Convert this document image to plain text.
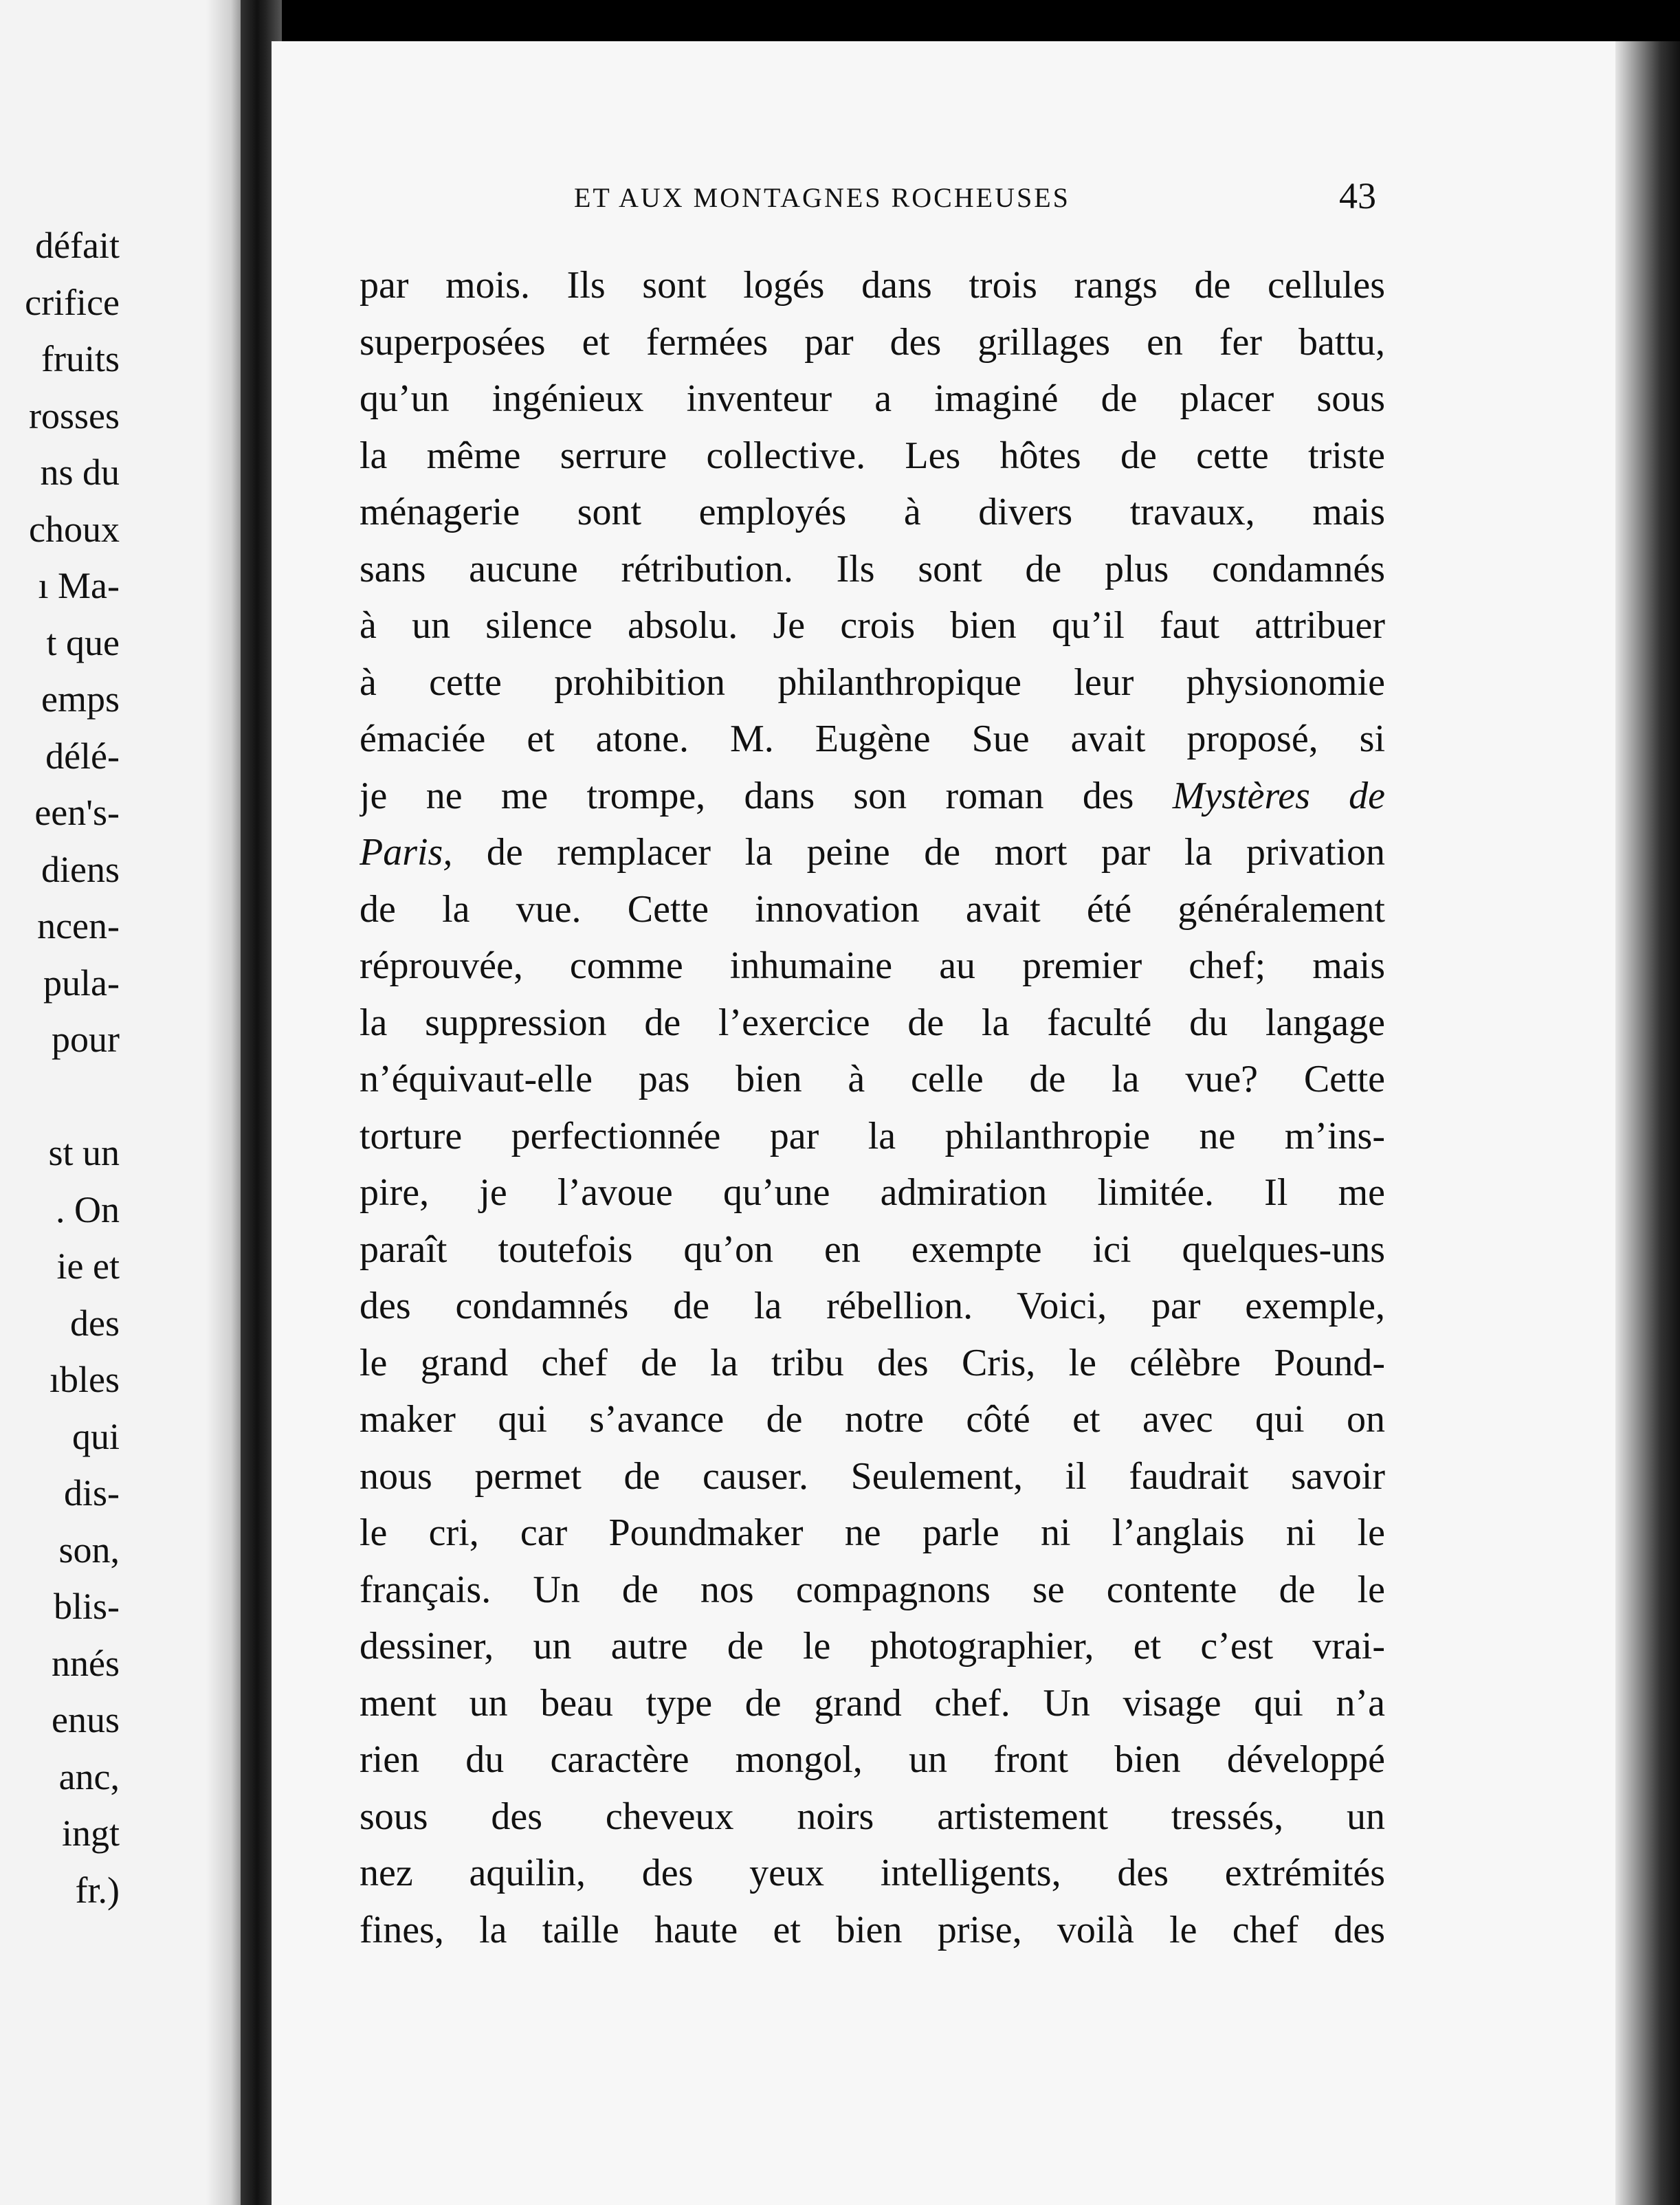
défait
crifice
fruits
rosses
ns du
choux
ı Ma-
t que
emps
délé-
een's-
diens
ncen-
pula-
pour
st un
. On
ie et
des
ıbles
qui
dis-
son,
blis-
nnés
enus
anc,
ingt
fr.)
ET AUX MONTAGNES ROCHEUSES	43
par mois. Ils sont logés dans trois rangs de cellules
superposées et fermées par des grillages en fer battu,
qu’un ingénieux inventeur a imaginé de placer sous
la même serrure collective. Les hôtes de cette triste
ménagerie sont employés à divers travaux, mais
sans aucune rétribution. Ils sont de plus condamnés
à un silence absolu. Je crois bien qu’il faut attribuer
à cette prohibition philanthropique leur physionomie
émaciée et atone. M. Eugène Sue avait proposé, si
je ne me trompe, dans son roman des Mystères de
Paris, de remplacer la peine de mort par la privation
de la vue. Cette innovation avait été généralement
réprouvée, comme inhumaine au premier chef; mais
la suppression de l’exercice de la faculté du langage
n’équivaut-elle pas bien à celle de la vue? Cette
torture perfectionnée par la philanthropie ne m’ins-
pire, je l’avoue qu’une admiration limitée. Il me
paraît toutefois qu’on en exempte ici quelques-uns
des condamnés de la rébellion. Voici, par exemple,
le grand chef de la tribu des Cris, le célèbre Pound-
maker qui s’avance de notre côté et avec qui on
nous permet de causer. Seulement, il faudrait savoir
le cri, car Poundmaker ne parle ni l’anglais ni le
français. Un de nos compagnons se contente de le
dessiner, un autre de le photographier, et c’est vrai-
ment un beau type de grand chef. Un visage qui n’a
rien du caractère mongol, un front bien développé
sous des cheveux noirs artistement tressés, un
nez aquilin, des yeux intelligents, des extrémités
fines, la taille haute et bien prise, voilà le chef des
